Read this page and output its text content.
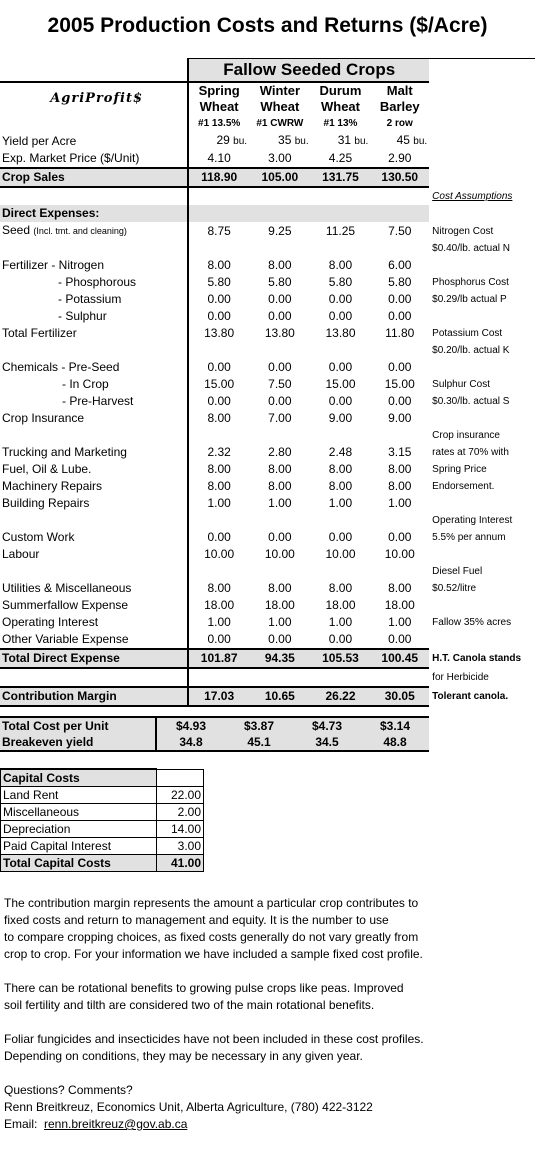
2005 Production Costs and Returns ($/Acre)
	Fallow Seeded Crops				
AgriProfit$	Spring	Winter	Durum	Malt	
	Wheat	Wheat	Wheat	Barley	
	#1 13.5%	#1 CWRW	#1 13%	2 row	
Yield per Acre	29 bu.	35 bu.	31 bu.	45 bu.	
Exp. Market Price ($/Unit)	4.10	3.00	4.25	2.90	
Crop Sales	118.90	105.00	131.75	130.50	
					Cost Assumptions
Direct Expenses:					
Seed (Incl. tmt. and cleaning)	8.75	9.25	11.25	7.50	Nitrogen Cost
					$0.40/lb. actual N
Fertilizer - Nitrogen	8.00	8.00	8.00	6.00	
- Phosphorous	5.80	5.80	5.80	5.80	Phosphorus Cost
- Potassium	0.00	0.00	0.00	0.00	$0.29/lb actual P
- Sulphur	0.00	0.00	0.00	0.00	
Total Fertilizer	13.80	13.80	13.80	11.80	Potassium Cost
					$0.20/lb. actual K
Chemicals - Pre-Seed	0.00	0.00	0.00	0.00	
- In Crop	15.00	7.50	15.00	15.00	Sulphur Cost
- Pre-Harvest	0.00	0.00	0.00	0.00	$0.30/lb. actual S
Crop Insurance	8.00	7.00	9.00	9.00	
					Crop insurance
Trucking and Marketing	2.32	2.80	2.48	3.15	rates at 70% with
Fuel, Oil & Lube.	8.00	8.00	8.00	8.00	Spring Price
Machinery Repairs	8.00	8.00	8.00	8.00	Endorsement.
Building Repairs	1.00	1.00	1.00	1.00	
					Operating Interest
Custom Work	0.00	0.00	0.00	0.00	5.5% per annum
Labour	10.00	10.00	10.00	10.00	
					Diesel Fuel
Utilities & Miscellaneous	8.00	8.00	8.00	8.00	$0.52/litre
Summerfallow Expense	18.00	18.00	18.00	18.00	
Operating Interest	1.00	1.00	1.00	1.00	Fallow 35% acres
Other Variable Expense	0.00	0.00	0.00	0.00	
Total Direct Expense	101.87	94.35	105.53	100.45	H.T. Canola stands
					for Herbicide
Contribution Margin	17.03	10.65	26.22	30.05	Tolerant canola.
Total Cost per Unit	$4.93	$3.87	$4.73	$3.14
Breakeven yield	34.8	45.1	34.5	48.8
Capital Costs	
Land Rent	22.00
Miscellaneous	2.00
Depreciation	14.00
Paid Capital Interest	3.00
Total Capital Costs	41.00

The contribution margin represents the amount a particular crop contributes to

fixed costs and return to management and equity. It is the number to use

to compare cropping choices, as fixed costs generally do not vary greatly from

crop to crop. For your information we have included a sample fixed cost profile.

There can be rotational benefits to growing pulse crops like peas. Improved

soil fertility and tilth are considered two of the main rotational benefits.

Foliar fungicides and insecticides have not been included in these cost profiles.

Depending on conditions, they may be necessary in any given year.

Questions? Comments?

Renn Breitkreuz, Economics Unit, Alberta Agriculture, (780) 422-3122

Email: renn.breitkreuz@gov.ab.ca
